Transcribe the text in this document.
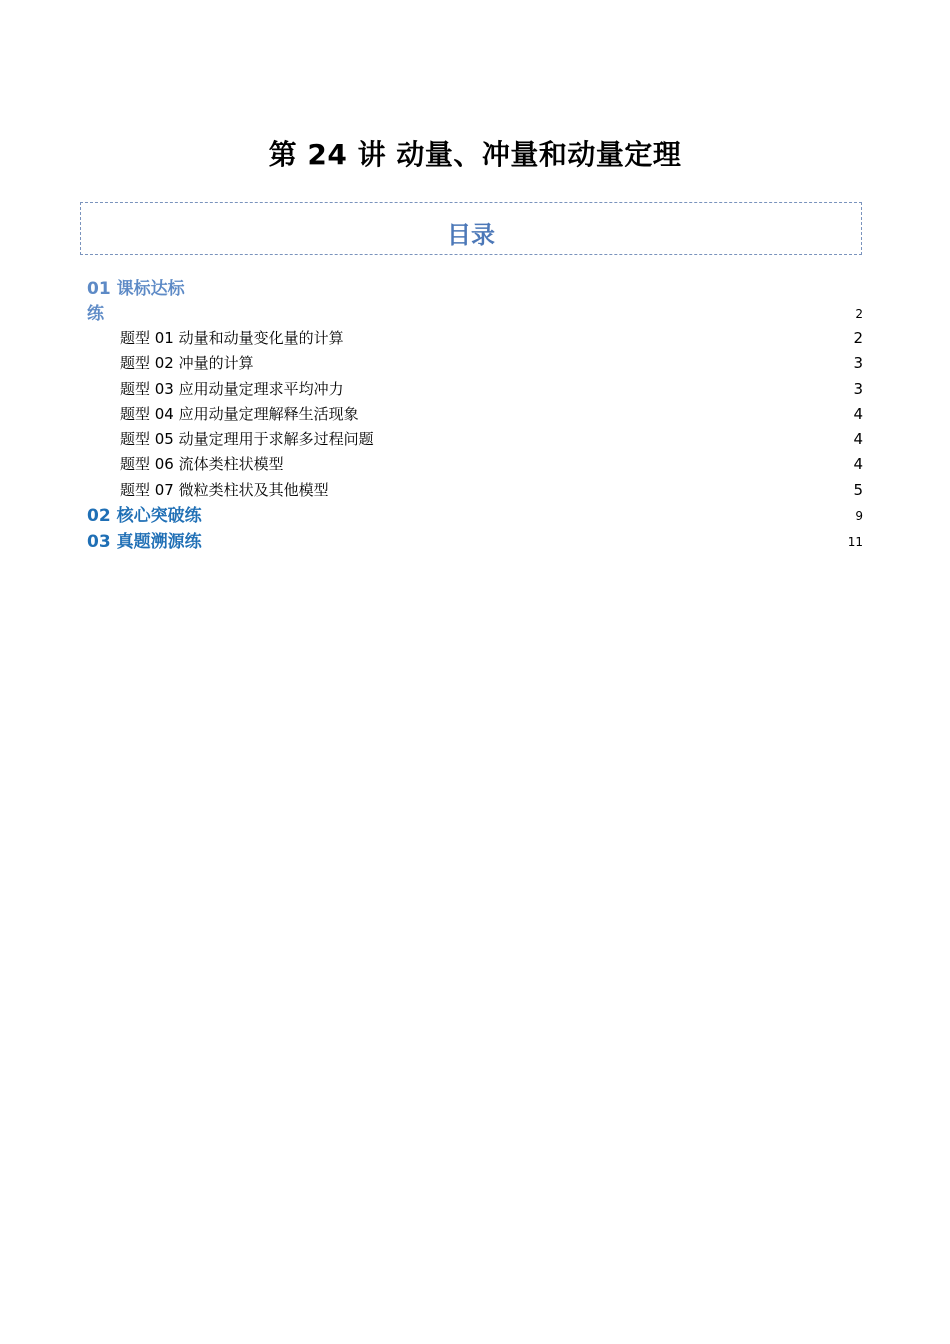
第 24 讲 动量、冲量和动量定理
目录
01 课标达标
练 .....	2
题型 01 动量和动量变化量的计算 .....	2
题型 02 冲量的计算 .....	3
题型 03 应用动量定理求平均冲力 .....	3
题型 04 应用动量定理解释生活现象 .....	4
题型 05 动量定理用于求解多过程问题 .....	4
题型 06 流体类柱状模型 .....	4
题型 07 微粒类柱状及其他模型 .....	5
02 核心突破练 .....	9
03 真题溯源练 .....	11
